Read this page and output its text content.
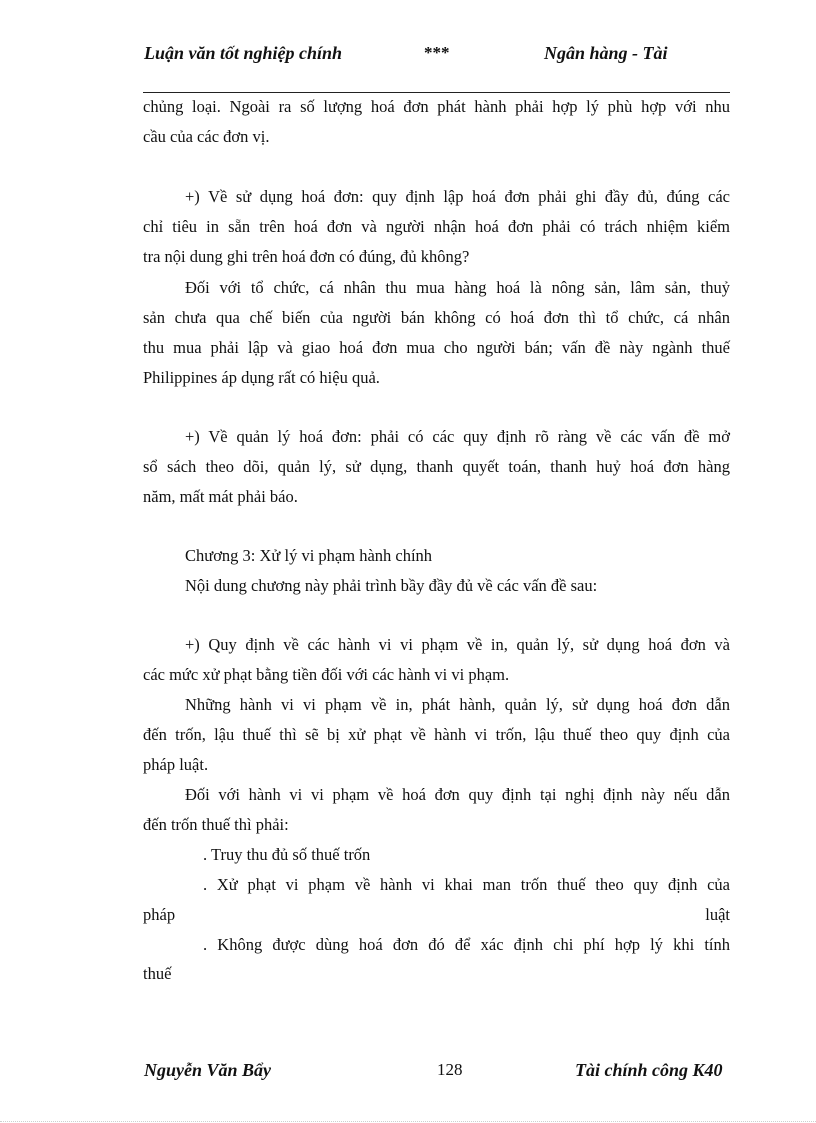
Luận văn tốt nghiệp chính	***	Ngân hàng - Tài
chủng loại. Ngoài ra số lượng hoá đơn phát hành phải hợp lý phù hợp với nhu
cầu của các đơn vị.
+) Về sử dụng hoá đơn: quy định lập hoá đơn phải ghi đầy đủ, đúng các
chỉ tiêu in sẵn trên hoá đơn và người nhận hoá đơn phải có trách nhiệm kiểm
tra nội dung ghi trên hoá đơn có đúng, đủ không?
Đối với tổ chức, cá nhân thu mua hàng hoá là nông sản, lâm sản, thuỷ
sản chưa qua chế biến của người bán không có hoá đơn thì tổ chức, cá nhân
thu mua phải lập và giao hoá đơn mua cho người bán; vấn đề này ngành thuế
Philippines áp dụng rất có hiệu quả.
+) Về quản lý hoá đơn: phải có các quy định rõ ràng về các vấn đề mở
sổ sách theo dõi, quản lý, sử dụng, thanh quyết toán, thanh huỷ hoá đơn hàng
năm, mất mát phải báo.
Chương 3: Xử lý vi phạm hành chính
Nội dung chương này phải trình bầy đầy đủ về các vấn đề sau:
+) Quy định về các hành vi vi phạm về in, quản lý, sử dụng hoá đơn và
các mức xử phạt bằng tiền đối với các hành vi vi phạm.
Những hành vi vi phạm về in, phát hành, quản lý, sử dụng hoá đơn dẫn
đến trốn, lậu thuế thì sẽ bị xử phạt về hành vi trốn, lậu thuế theo quy định của
pháp luật.
Đối với hành vi vi phạm về hoá đơn quy định tại nghị định này nếu dẫn
đến trốn thuế thì phải:
. Truy thu đủ số thuế trốn
. Xử phạt vi phạm về hành vi khai man trốn thuế theo quy định của
pháp luật
. Không được dùng hoá đơn đó để xác định chi phí hợp lý khi tính
thuế
Nguyễn Văn Bẩy	128	Tài chính công K40
